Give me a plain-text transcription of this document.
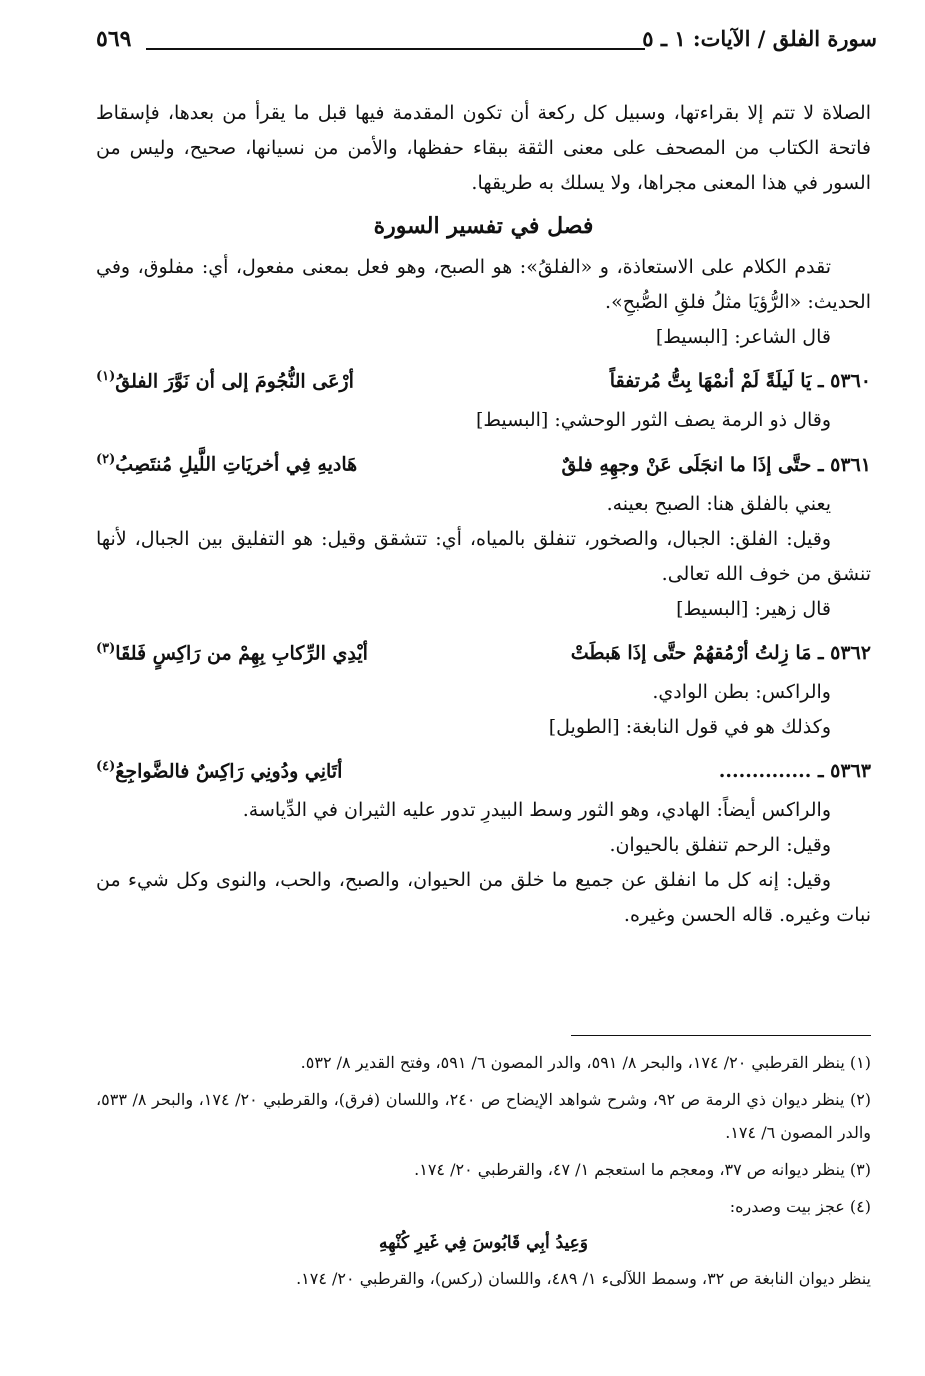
سورة الفلق / الآيات: ١ ـ ٥
٥٦٩

الصلاة لا تتم إلا بقراءتها، وسبيل كل ركعة أن تكون المقدمة فيها قبل ما يقرأ من بعدها، فإسقاط فاتحة الكتاب من المصحف على معنى الثقة ببقاء حفظها، والأمن من نسيانها، صحيح، وليس من السور في هذا المعنى مجراها، ولا يسلك به طريقها.

فصل في تفسير السورة

تقدم الكلام على الاستعاذة، و «الفلقُ»: هو الصبح، وهو فعل بمعنى مفعول، أي: مفلوق، وفي الحديث: «الرُّؤيَا مثلُ فلقِ الصُّبحِ».

قال الشاعر: [البسيط]

٥٣٦٠ ـ يَا لَيلَةً لَمْ أنمْهَا بِتُّ مُرتفقاً
أرْعَى النُّجُومَ إلى أن نَوَّرَ الفلقُ$^{(١)}$

وقال ذو الرمة يصف الثور الوحشي: [البسيط]

٥٣٦١ ـ حتَّى إذَا ما انجَلَى عَنْ وجهِهِ فلقٌ
هَاديهِ فِي أخريَاتِ اللَّيلِ مُنتَصِبُ$^{(٢)}$

يعني بالفلق هنا: الصبح بعينه.

وقيل: الفلق: الجبال، والصخور، تنفلق بالمياه، أي: تتشقق وقيل: هو التفليق بين الجبال، لأنها تنشق من خوف الله تعالى.

قال زهير: [البسيط]

٥٣٦٢ ـ مَا زِلتُ أرْمُقهُمْ حتَّى إذَا هَبطَتْ
أيْدِي الرِّكابِ بِهِمْ من رَاكِسٍ فَلقَا$^{(٣)}$

والراكس: بطن الوادي.

وكذلك هو في قول النابغة: [الطويل]

٥٣٦٣ ـ ..............
أتَانِي ودُونِي رَاكِسٌ فالضَّواجِعُ$^{(٤)}$

والراكس أيضاً: الهادي، وهو الثور وسط البيدرِ تدور عليه الثيران في الدِّياسة.

وقيل: الرحم تنفلق بالحيوان.

وقيل: إنه كل ما انفلق عن جميع ما خلق من الحيوان، والصبح، والحب، والنوى وكل شيء من نبات وغيره. قاله الحسن وغيره.

(١) ينظر القرطبي ٢٠/ ١٧٤، والبحر ٨/ ٥٩١، والدر المصون ٦/ ٥٩١، وفتح القدير ٨/ ٥٣٢.

(٢) ينظر ديوان ذي الرمة ص ٩٢، وشرح شواهد الإيضاح ص ٢٤٠، واللسان (فرق)، والقرطبي ٢٠/ ١٧٤، والبحر ٨/ ٥٣٣، والدر المصون ٦/ ١٧٤.

(٣) ينظر ديوانه ص ٣٧، ومعجم ما استعجم ١/ ٤٧، والقرطبي ٢٠/ ١٧٤.

(٤) عجز بيت وصدره:

وَعِيدُ أبِي قَابُوسَ فِي غَيرِ كُنْهِهِ

ينظر ديوان النابغة ص ٣٢، وسمط اللآلىء ١/ ٤٨٩، واللسان (ركس)، والقرطبي ٢٠/ ١٧٤.
